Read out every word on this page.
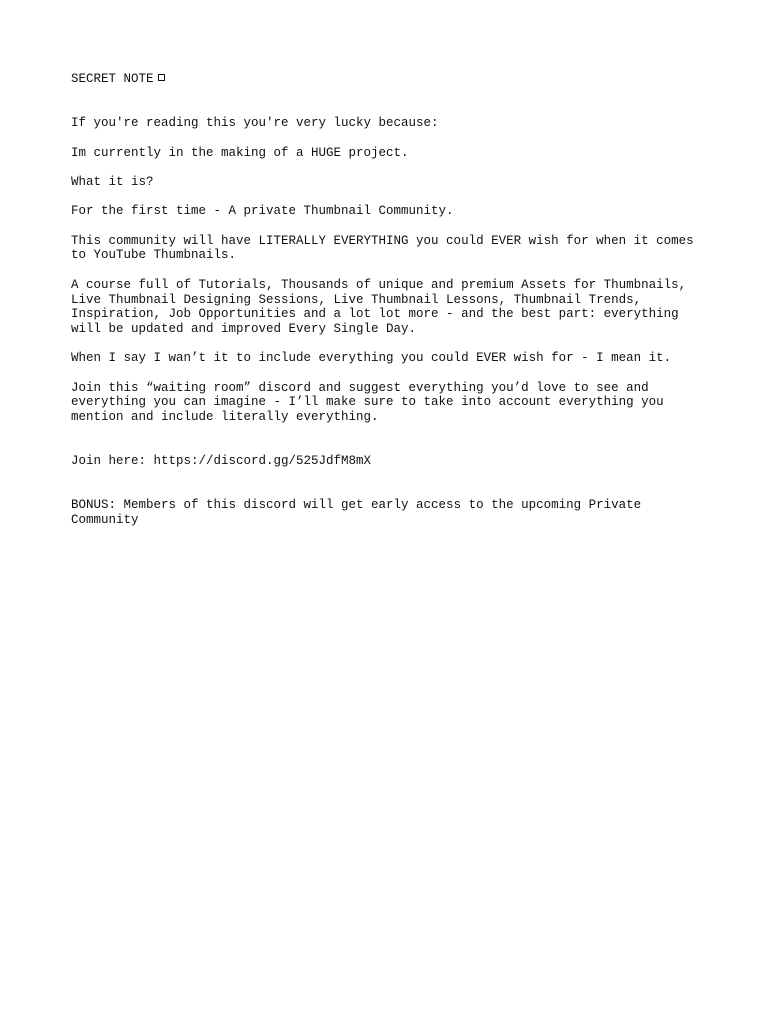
SECRET NOTE

If you're reading this you're very lucky because:

Im currently in the making of a HUGE project.

What it is?

For the first time - A private Thumbnail Community.

This community will have LITERALLY EVERYTHING you could EVER wish for when it comes to YouTube Thumbnails.

A course full of Tutorials, Thousands of unique and premium Assets for Thumbnails, Live Thumbnail Designing Sessions, Live Thumbnail Lessons, Thumbnail Trends, Inspiration, Job Opportunities and a lot lot more - and the best part: everything will be updated and improved Every Single Day.

When I say I wan’t it to include everything you could EVER wish for - I mean it.

Join this “waiting room” discord and suggest everything you’d love to see and everything you can imagine - I’ll make sure to take into account everything you mention and include literally everything.

Join here: https://discord.gg/525JdfM8mX

BONUS: Members of this discord will get early access to the upcoming Private Community
